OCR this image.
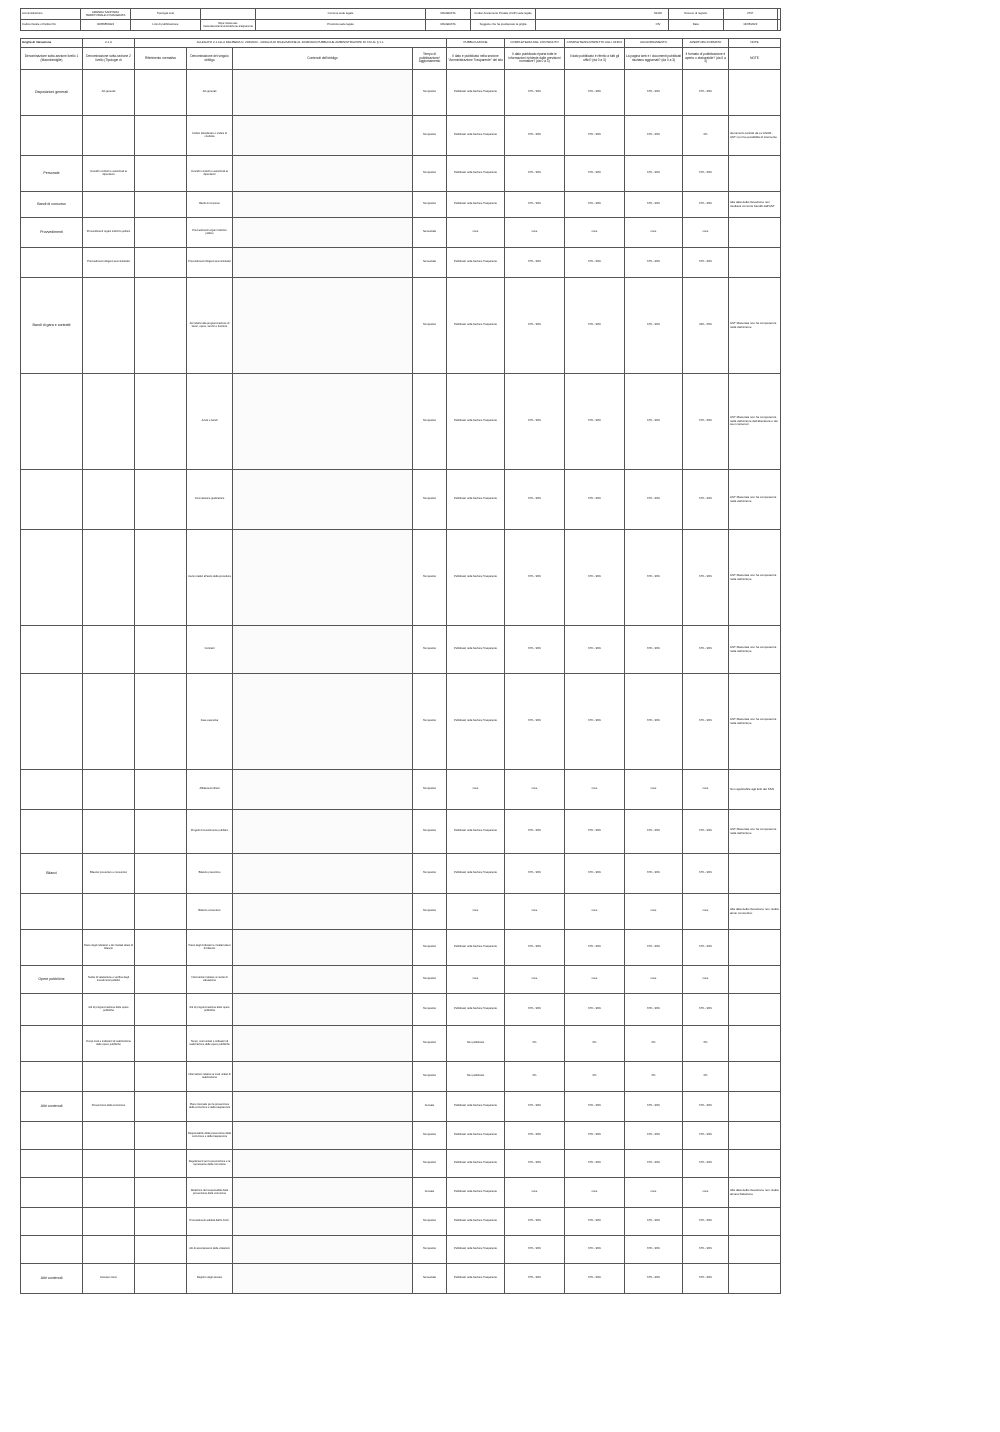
Amministrazione	AZIENDA SANITARIA TERRITORIALE DI MACERATA	Tipologia ente		Comune sede legale	MACERATA	Codice Avviamento Postale (CAP) sede legale	62100
Codice fiscale o Partita IVA	02056850424	Link di pubblicazione	https://www.ast-macerata.it/amministrazione-trasparente	Provincia sede legale	MACERATA	Soggetto che ha predisposto la griglia	OIV
Numero di registro	2767
Data	13/05/2023
Griglia di rilevazione	2.1.A	ALLEGATO 2.1 ALLA DELIBERA N. 203/2023 - GRIGLIA DI RILEVAZIONE AL 30/06/2023 PUBBLICHE AMMINISTRAZIONI DI CUI AL § 1.1.				PUBBLICAZIONE	COMPLETEZZA DEL CONTENUTO	COMPLETEZZA RISPETTO AGLI UFFICI	AGGIORNAMENTO	APERTURA FORMATO	NOTE
Denominazione sotto-sezione livello 1 (Macrofamiglie)	Denominazione sotto-sezione 2 livello (Tipologie di	Riferimento normativo	Denominazione del singolo obbligo	Contenuti dell'obbligo	Tempo di pubblicazione/ Aggiornamento	Il dato è pubblicato nella sezione "Amministrazione Trasparente" del sito	Il dato pubblicato riporta tutte le informazioni richieste dalle previsioni normative? (da 0 a 3)	Il dato pubblicato è riferito a tutti gli uffici? (da 0 a 3)	La pagina web e i documenti pubblicati risultano aggiornati? (da 0 a 3)	Il formato di pubblicazione è aperto o elaborabile? (da 0 a 3)	NOTE
Disposizioni generali	Atti generali		Atti generali		Tempestivo	Pubblicato nella Sezione Trasparente	67% - 99%	67% - 99%	67% - 99%	67% - 99%	
			Codice disciplinare e codice di condotta		Tempestivo	Pubblicato nella Sezione Trasparente	67% - 99%	67% - 99%	67% - 99%	0%	documenti caricati da ex ASUR - AST non ha possibilità di intervento
Personale	Incarichi conferiti e autorizzati ai dipendenti		Incarichi conferiti e autorizzati ai dipendenti		Tempestivo	Pubblicato nella Sezione Trasparente	67% - 99%	67% - 99%	67% - 99%	67% - 99%	
Bandi di concorso			Bandi di concorso		Tempestivo	Pubblicato nella Sezione Trasparente	67% - 99%	67% - 99%	67% - 99%	67% - 99%	Alla data della rilevazione non risultava concorsi banditi dall'AST
Provvedimenti	Provvedimenti organi indirizzo politico		Provvedimenti organi indirizzo politico		Semestrale	none	none	none	none	none	
	Provvedimenti dirigenti amministrativi		Provvedimenti dirigenti amministrativi		Semestrale	Pubblicato nella Sezione Trasparente	67% - 99%	67% - 99%	67% - 99%	67% - 99%	
Bandi di gara e contratti			Atti relativi alla programmazione di lavori, opere, servizi e forniture		Tempestivo	Pubblicato nella Sezione Trasparente	67% - 99%	67% - 99%	67% - 99%	34% - 66%	AST Macerata non ha competenza nella definizione
			Avvisi e bandi		Tempestivo	Pubblicato nella Sezione Trasparente	67% - 99%	67% - 99%	67% - 99%	67% - 99%	AST Macerata non ha competenza nella definizione dell'aberatura e dei suoi contenuti
			Commissione giudicatrice		Tempestivo	Pubblicato nella Sezione Trasparente	67% - 99%	67% - 99%	67% - 99%	67% - 99%	AST Macerata non ha competenza nella definizione
			Avvisi relativi all'esito della procedura		Tempestivo	Pubblicato nella Sezione Trasparente	67% - 99%	67% - 99%	67% - 99%	67% - 99%	AST Macerata non ha competenza nella definizione
			Contratti		Tempestivo	Pubblicato nella Sezione Trasparente	67% - 99%	67% - 99%	67% - 99%	67% - 99%	AST Macerata non ha competenza nella definizione
			Fase esecutiva		Tempestivo	Pubblicato nella Sezione Trasparente	67% - 99%	67% - 99%	67% - 99%	67% - 99%	AST Macerata non ha competenza nella definizione
			Affidamenti diretti		Tempestivo	none	none	none	none	none	Non applicabile agli Enti del SSN
			Progetti di investimento pubblico		Tempestivo	Pubblicato nella Sezione Trasparente	67% - 99%	67% - 99%	67% - 99%	67% - 99%	AST Macerata non ha competenza nella definizione
Bilanci	Bilancio preventivo e consuntivo		Bilancio preventivo		Tempestivo	Pubblicato nella Sezione Trasparente	67% - 99%	67% - 99%	67% - 99%	67% - 99%	
			Bilancio consuntivo		Tempestivo	none	none	none	none	none	Alla data della rilevazione non risulta alcun consuntivo
	Piano degli indicatori e dei risultati attesi di bilancio		Piano degli indicatori e risultati attesi di bilancio		Tempestivo	Pubblicato nella Sezione Trasparente	67% - 99%	67% - 99%	67% - 99%	67% - 99%	
Opere pubbliche	Nuclei di valutazione e verifica degli investimenti pubblici		Informazioni relative ai nuclei di valutazione		Tempestivo	none	none	none	none	none	
	Atti di programmazione delle opere pubbliche		Atti di programmazione delle opere pubbliche		Tempestivo	Pubblicato nella Sezione Trasparente	67% - 99%	67% - 99%	67% - 99%	67% - 99%	
	Tempi costi e indicatori di realizzazione delle opere pubbliche		Tempi, costi unitari e indicatori di realizzazione delle opere pubbliche		Tempestivo	Non pubblicato	0%	0%	0%	0%	
			Informazioni relative ai costi unitari di realizzazione		Tempestivo	Non pubblicato	0%	0%	0%	0%	
Altri contenuti	Prevenzione della corruzione		Piano triennale per la prevenzione della corruzione e della trasparenza		Annuale	Pubblicato nella Sezione Trasparente	67% - 99%	67% - 99%	67% - 99%	67% - 99%	
			Responsabile della prevenzione della corruzione e della trasparenza		Tempestivo	Pubblicato nella Sezione Trasparente	67% - 99%	67% - 99%	67% - 99%	67% - 99%	
			Regolamenti per la prevenzione e la repressione della corruzione		Tempestivo	Pubblicato nella Sezione Trasparente	67% - 99%	67% - 99%	67% - 99%	67% - 99%	
			Relazione del responsabile della prevenzione della corruzione		Annuale	Pubblicato nella Sezione Trasparente	none	none	none	none	Alla data della rilevazione non risulta alcuna Relazione
			Provvedimenti adottati dall'A.N.AC.		Tempestivo	Pubblicato nella Sezione Trasparente	67% - 99%	67% - 99%	67% - 99%	67% - 99%	
			Atti di accertamento delle violazioni		Tempestivo	Pubblicato nella Sezione Trasparente	67% - 99%	67% - 99%	67% - 99%	67% - 99%	
Altri contenuti	Accesso civico		Registro degli accessi		Semestrale	Pubblicato nella Sezione Trasparente	67% - 99%	67% - 99%	67% - 99%	67% - 99%	
